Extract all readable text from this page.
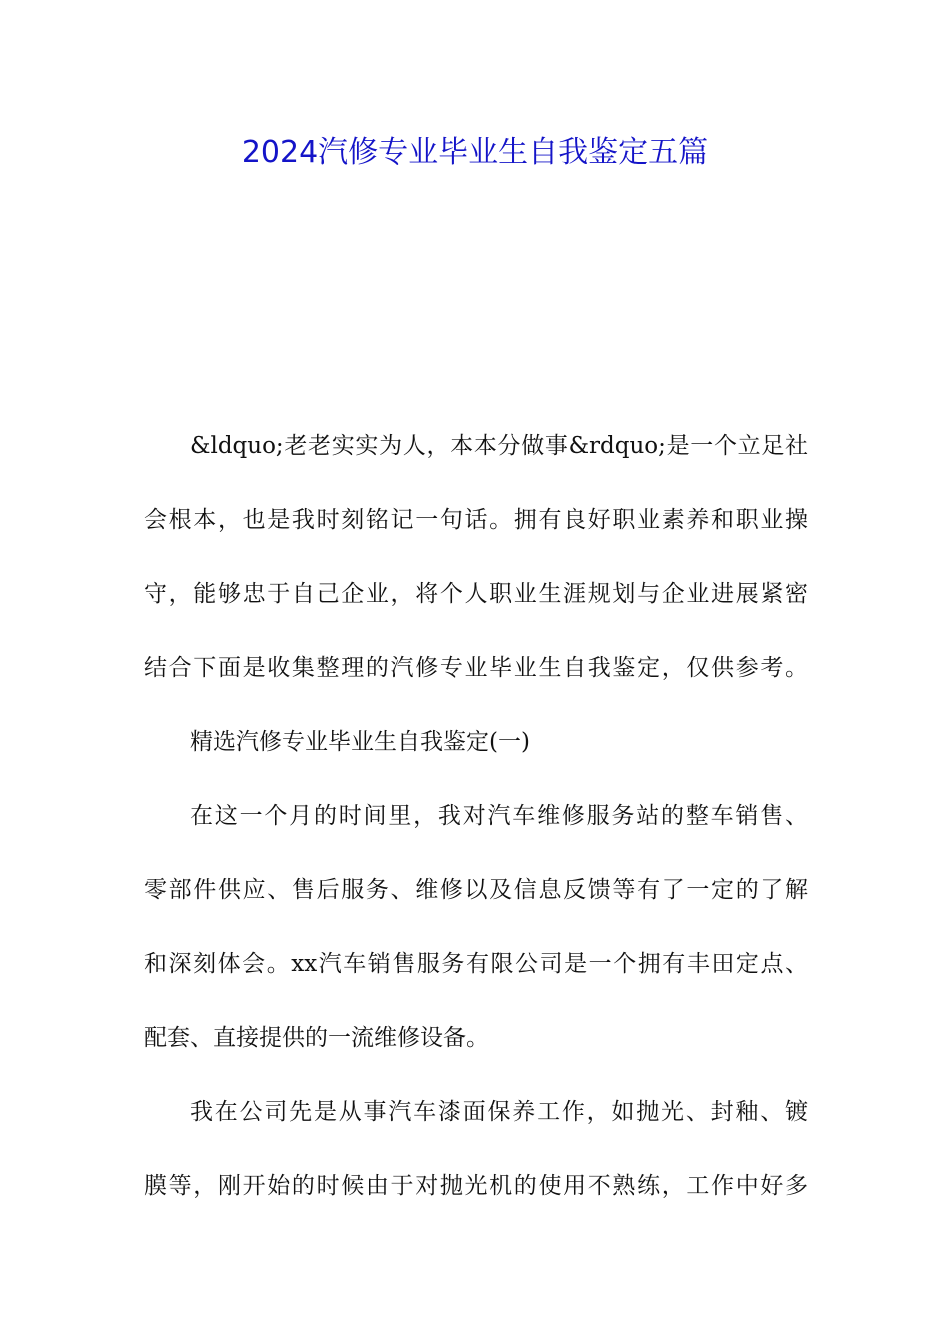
2024汽修专业毕业生自我鉴定五篇
&ldquo;老老实实为人，本本分做事&rdquo;是一个立足社
会根本，也是我时刻铭记一句话。拥有良好职业素养和职业操
守，能够忠于自己企业，将个人职业生涯规划与企业进展紧密
结合下面是收集整理的汽修专业毕业生自我鉴定，仅供参考。
精选汽修专业毕业生自我鉴定(一)
在这一个月的时间里，我对汽车维修服务站的整车销售、
零部件供应、售后服务、维修以及信息反馈等有了一定的了解
和深刻体会。xx汽车销售服务有限公司是一个拥有丰田定点、
配套、直接提供的一流维修设备。
我在公司先是从事汽车漆面保养工作，如抛光、封釉、镀
膜等，刚开始的时候由于对抛光机的使用不熟练，工作中好多
